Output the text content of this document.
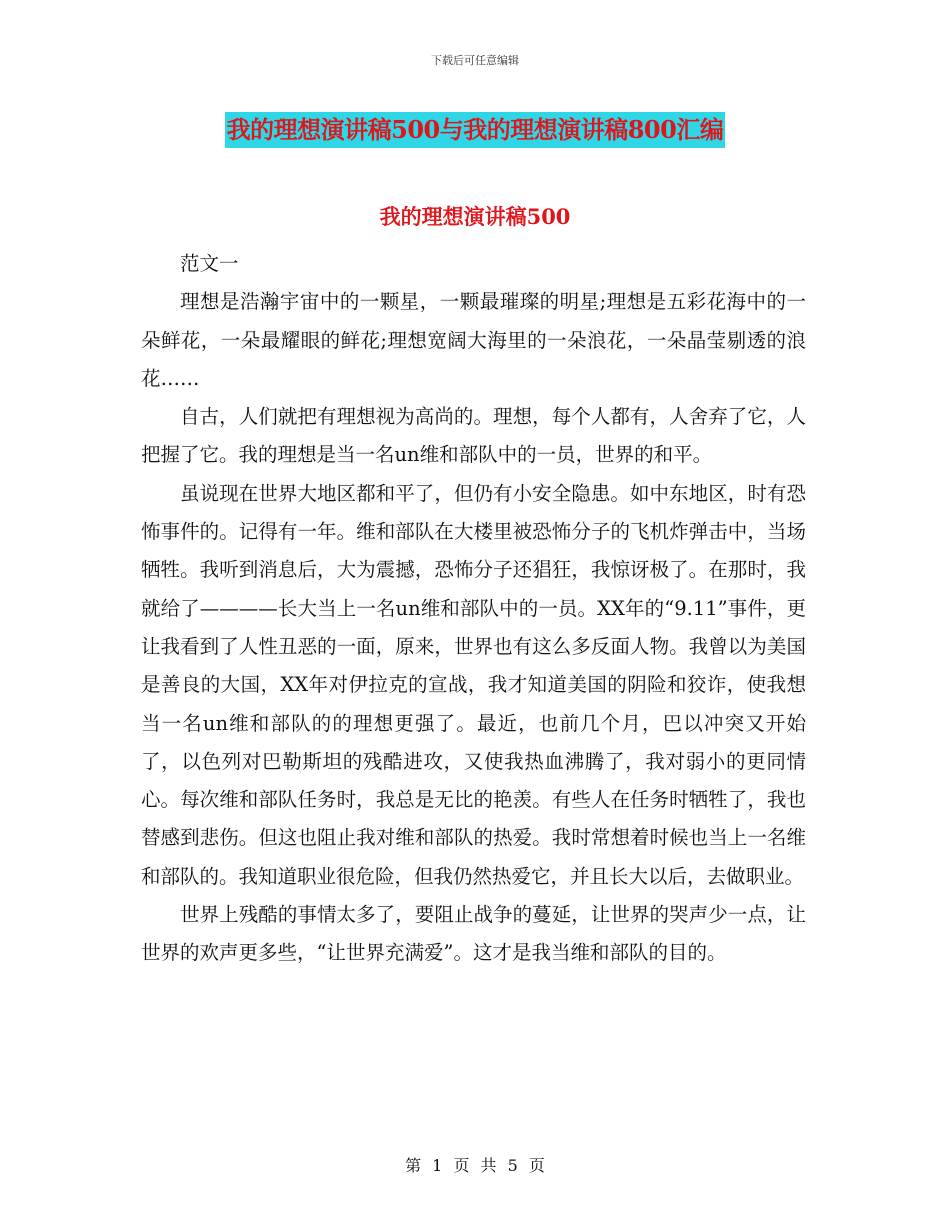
下载后可任意编辑
我的理想演讲稿500与我的理想演讲稿800汇编
我的理想演讲稿500

范文一

理想是浩瀚宇宙中的一颗星，一颗最璀璨的明星;理想是五彩花海中的一朵鲜花，一朵最耀眼的鲜花;理想宽阔大海里的一朵浪花，一朵晶莹剔透的浪花……

自古，人们就把有理想视为高尚的。理想，每个人都有，人舍弃了它，人把握了它。我的理想是当一名un维和部队中的一员，世界的和平。

虽说现在世界大地区都和平了，但仍有小安全隐患。如中东地区，时有恐怖事件的。记得有一年。维和部队在大楼里被恐怖分子的飞机炸弹击中，当场牺牲。我听到消息后，大为震撼，恐怖分子还猖狂，我惊讶极了。在那时，我就给了————长大当上一名un维和部队中的一员。XX年的“9.11”事件，更让我看到了人性丑恶的一面，原来，世界也有这么多反面人物。我曾以为美国是善良的大国，XX年对伊拉克的宣战，我才知道美国的阴险和狡诈，使我想当一名un维和部队的的理想更强了。最近，也前几个月，巴以冲突又开始了，以色列对巴勒斯坦的残酷进攻，又使我热血沸腾了，我对弱小的更同情心。每次维和部队任务时，我总是无比的艳羡。有些人在任务时牺牲了，我也替感到悲伤。但这也阻止我对维和部队的热爱。我时常想着时候也当上一名维和部队的。我知道职业很危险，但我仍然热爱它，并且长大以后，去做职业。

世界上残酷的事情太多了，要阻止战争的蔓延，让世界的哭声少一点，让世界的欢声更多些，“让世界充满爱”。这才是我当维和部队的目的。

第 1 页 共 5 页
